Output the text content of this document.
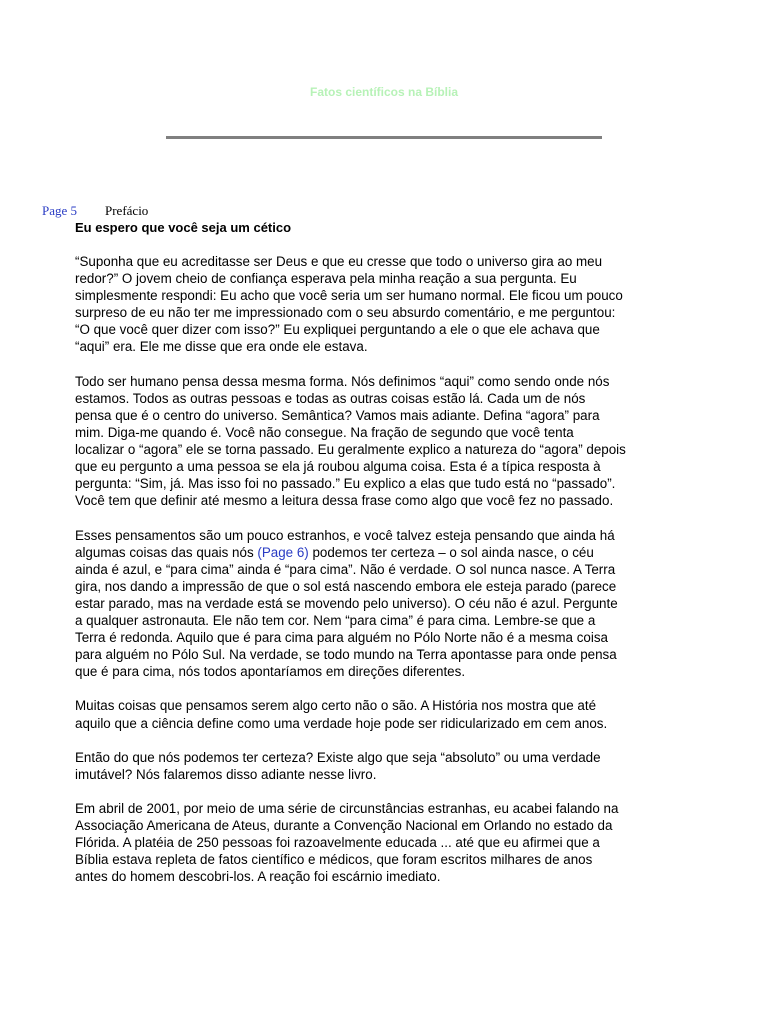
Fatos científicos na Bíblia
Page 5 Prefácio
Eu espero que você seja um cético

“Suponha que eu acreditasse ser Deus e que eu cresse que todo o universo gira ao meu
redor?” O jovem cheio de confiança esperava pela minha reação a sua pergunta. Eu
simplesmente respondi: Eu acho que você seria um ser humano normal. Ele ficou um pouco
surpreso de eu não ter me impressionado com o seu absurdo comentário, e me perguntou:
“O que você quer dizer com isso?” Eu expliquei perguntando a ele o que ele achava que
“aqui” era. Ele me disse que era onde ele estava.

Todo ser humano pensa dessa mesma forma. Nós definimos “aqui” como sendo onde nós
estamos. Todos as outras pessoas e todas as outras coisas estão lá. Cada um de nós
pensa que é o centro do universo. Semântica? Vamos mais adiante. Defina “agora” para
mim. Diga-me quando é. Você não consegue. Na fração de segundo que você tenta
localizar o “agora” ele se torna passado. Eu geralmente explico a natureza do “agora” depois
que eu pergunto a uma pessoa se ela já roubou alguma coisa. Esta é a típica resposta à
pergunta: “Sim, já. Mas isso foi no passado.” Eu explico a elas que tudo está no “passado”.
Você tem que definir até mesmo a leitura dessa frase como algo que você fez no passado.

Esses pensamentos são um pouco estranhos, e você talvez esteja pensando que ainda há
algumas coisas das quais nós (Page 6) podemos ter certeza – o sol ainda nasce, o céu
ainda é azul, e “para cima” ainda é “para cima”. Não é verdade. O sol nunca nasce. A Terra
gira, nos dando a impressão de que o sol está nascendo embora ele esteja parado (parece
estar parado, mas na verdade está se movendo pelo universo). O céu não é azul. Pergunte
a qualquer astronauta. Ele não tem cor. Nem “para cima” é para cima. Lembre-se que a
Terra é redonda. Aquilo que é para cima para alguém no Pólo Norte não é a mesma coisa
para alguém no Pólo Sul. Na verdade, se todo mundo na Terra apontasse para onde pensa
que é para cima, nós todos apontaríamos em direções diferentes.

Muitas coisas que pensamos serem algo certo não o são. A História nos mostra que até
aquilo que a ciência define como uma verdade hoje pode ser ridicularizado em cem anos.

Então do que nós podemos ter certeza? Existe algo que seja “absoluto” ou uma verdade
imutável? Nós falaremos disso adiante nesse livro.

Em abril de 2001, por meio de uma série de circunstâncias estranhas, eu acabei falando na
Associação Americana de Ateus, durante a Convenção Nacional em Orlando no estado da
Flórida. A platéia de 250 pessoas foi razoavelmente educada ... até que eu afirmei que a
Bíblia estava repleta de fatos científico e médicos, que foram escritos milhares de anos
antes do homem descobri-los. A reação foi escárnio imediato.
